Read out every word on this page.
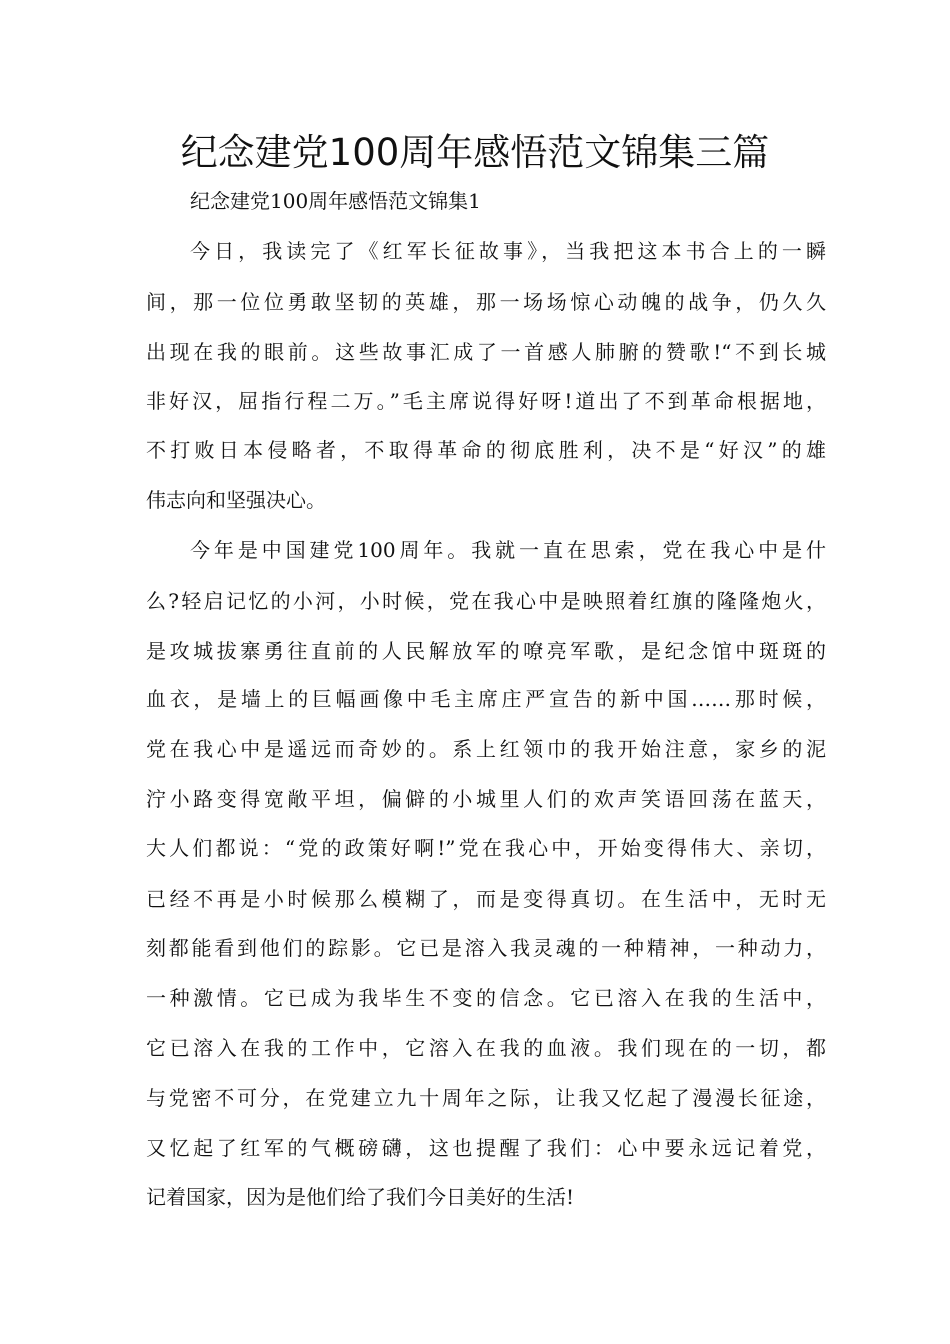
纪念建党100周年感悟范文锦集三篇
纪念建党100周年感悟范文锦集1
今日，我读完了《红军长征故事》，当我把这本书合上的一瞬
间，那一位位勇敢坚韧的英雄，那一场场惊心动魄的战争，仍久久
出现在我的眼前。这些故事汇成了一首感人肺腑的赞歌!“不到长城
非好汉，屈指行程二万。”毛主席说得好呀!道出了不到革命根据地，
不打败日本侵略者，不取得革命的彻底胜利，决不是“好汉”的雄
伟志向和坚强决心。
今年是中国建党100周年。我就一直在思索，党在我心中是什
么?轻启记忆的小河，小时候，党在我心中是映照着红旗的隆隆炮火，
是攻城拔寨勇往直前的人民解放军的嘹亮军歌，是纪念馆中斑斑的
血衣，是墙上的巨幅画像中毛主席庄严宣告的新中国……那时候，
党在我心中是遥远而奇妙的。系上红领巾的我开始注意，家乡的泥
泞小路变得宽敞平坦，偏僻的小城里人们的欢声笑语回荡在蓝天，
大人们都说：“党的政策好啊!”党在我心中，开始变得伟大、亲切，
已经不再是小时候那么模糊了，而是变得真切。在生活中，无时无
刻都能看到他们的踪影。它已是溶入我灵魂的一种精神，一种动力，
一种激情。它已成为我毕生不变的信念。它已溶入在我的生活中，
它已溶入在我的工作中，它溶入在我的血液。我们现在的一切，都
与党密不可分，在党建立九十周年之际，让我又忆起了漫漫长征途，
又忆起了红军的气概磅礴，这也提醒了我们：心中要永远记着党，
记着国家，因为是他们给了我们今日美好的生活!
